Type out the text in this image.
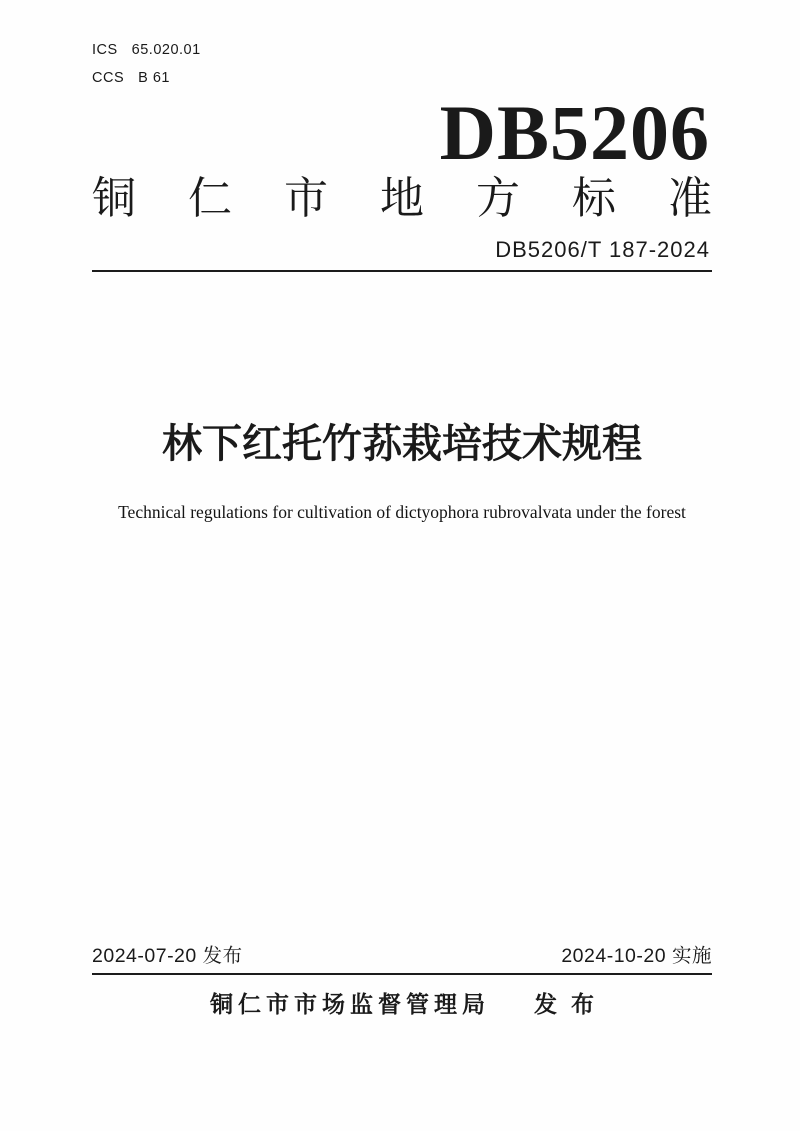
ICS 65.020.01
CCS B 61
DB5206
铜 仁 市 地 方 标 准
DB5206/T 187-2024
林下红托竹荪栽培技术规程
Technical regulations for cultivation of dictyophora rubrovalvata under the forest
2024-07-20 发布	2024-10-20 实施
铜仁市市场监督管理局 发布
